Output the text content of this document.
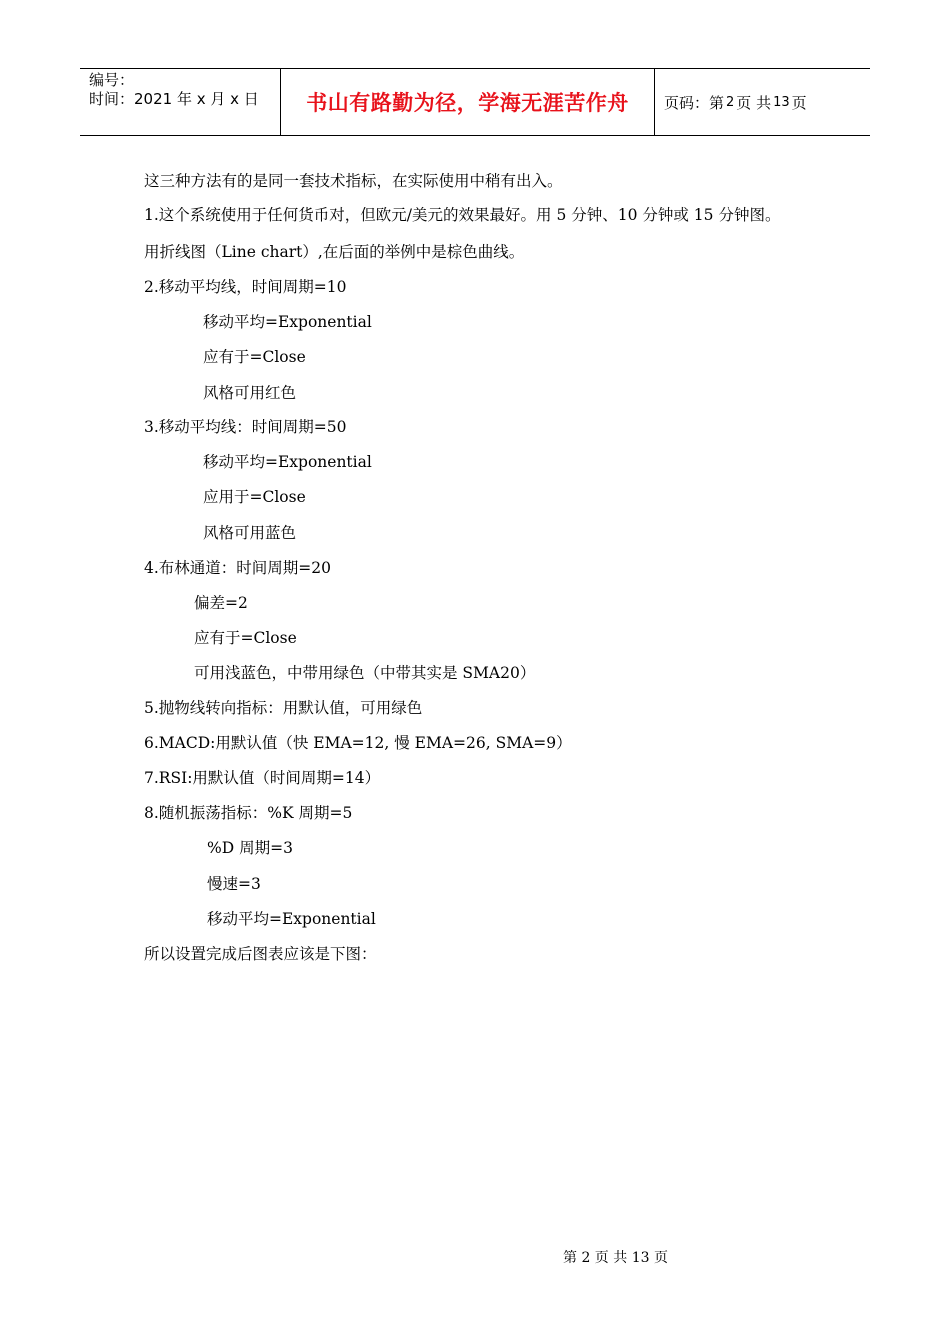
编号：
时间：2021 年 x 月 x 日	书山有路勤为径，学海无涯苦作舟	页码：第 2 页 共 13 页
这三种方法有的是同一套技术指标，在实际使用中稍有出入。
1.这个系统使用于任何货币对，但欧元/美元的效果最好。用 5 分钟、10 分钟或 15 分钟图。
用折线图（Line chart）,在后面的举例中是棕色曲线。
2.移动平均线，时间周期=10
移动平均=Exponential
应有于=Close
风格可用红色
3.移动平均线：时间周期=50
移动平均=Exponential
应用于=Close
风格可用蓝色
4.布林通道：时间周期=20
偏差=2
应有于=Close
可用浅蓝色，中带用绿色（中带其实是 SMA20）
5.抛物线转向指标：用默认值，可用绿色
6.MACD:用默认值（快 EMA=12, 慢 EMA=26, SMA=9）
7.RSI:用默认值（时间周期=14）
8.随机振荡指标：%K 周期=5
%D 周期=3
慢速=3
移动平均=Exponential
所以设置完成后图表应该是下图：
第 2 页 共 13 页
